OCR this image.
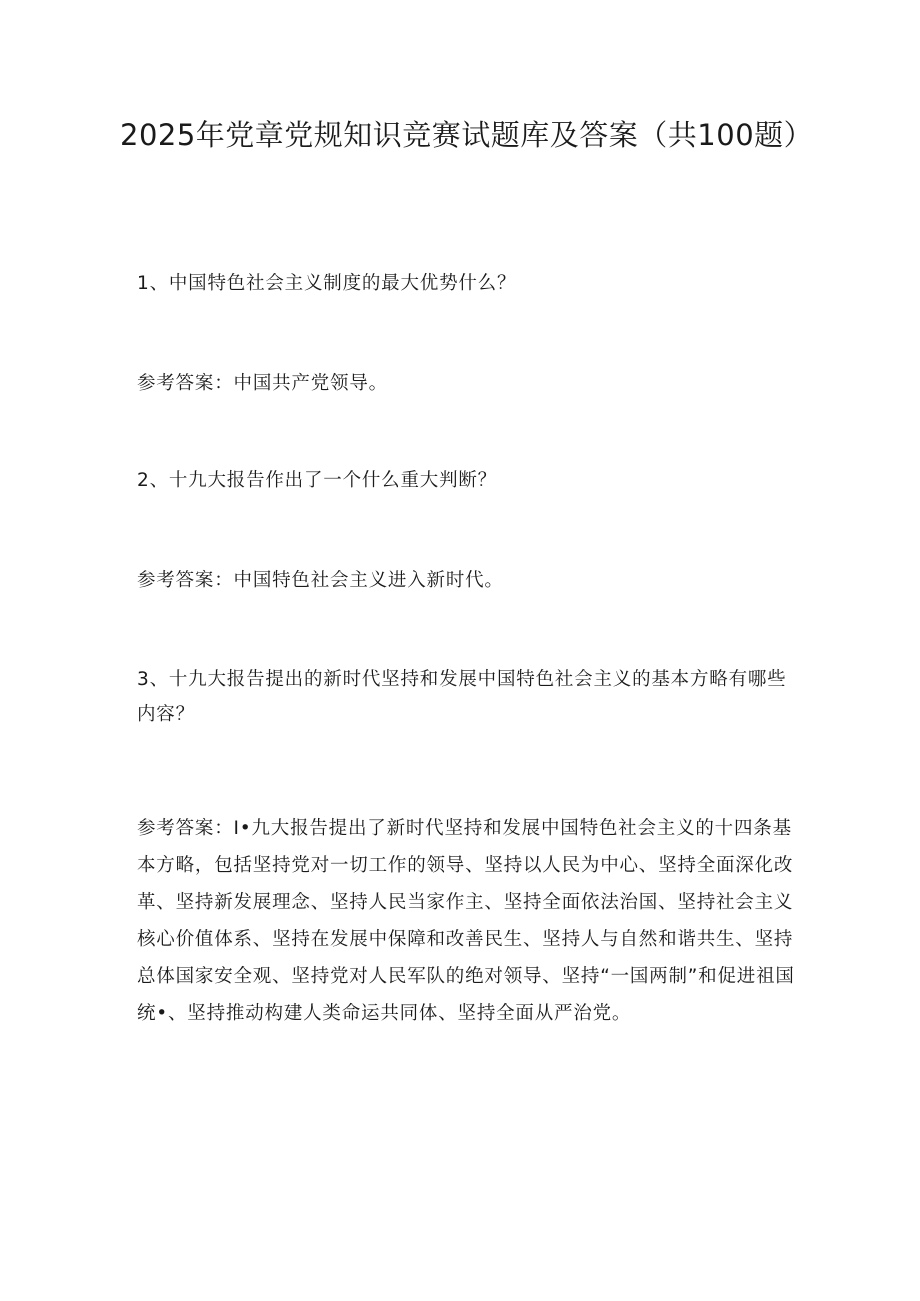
2025年党章党规知识竞赛试题库及答案（共100题）

1、中国特色社会主义制度的最大优势什么？

参考答案：中国共产党领导。

2、十九大报告作出了一个什么重大判断？

参考答案：中国特色社会主义进入新时代。

3、十九大报告提出的新时代坚持和发展中国特色社会主义的基本方略有哪些内容？

参考答案：I•九大报告提出了新时代坚持和发展中国特色社会主义的十四条基本方略，包括坚持党对一切工作的领导、坚持以人民为中心、坚持全面深化改革、坚持新发展理念、坚持人民当家作主、坚持全面依法治国、坚持社会主义核心价值体系、坚持在发展中保障和改善民生、坚持人与自然和谐共生、坚持总体国家安全观、坚持党对人民军队的绝对领导、坚持“一国两制”和促进祖国统•、坚持推动构建人类命运共同体、坚持全面从严治党。
